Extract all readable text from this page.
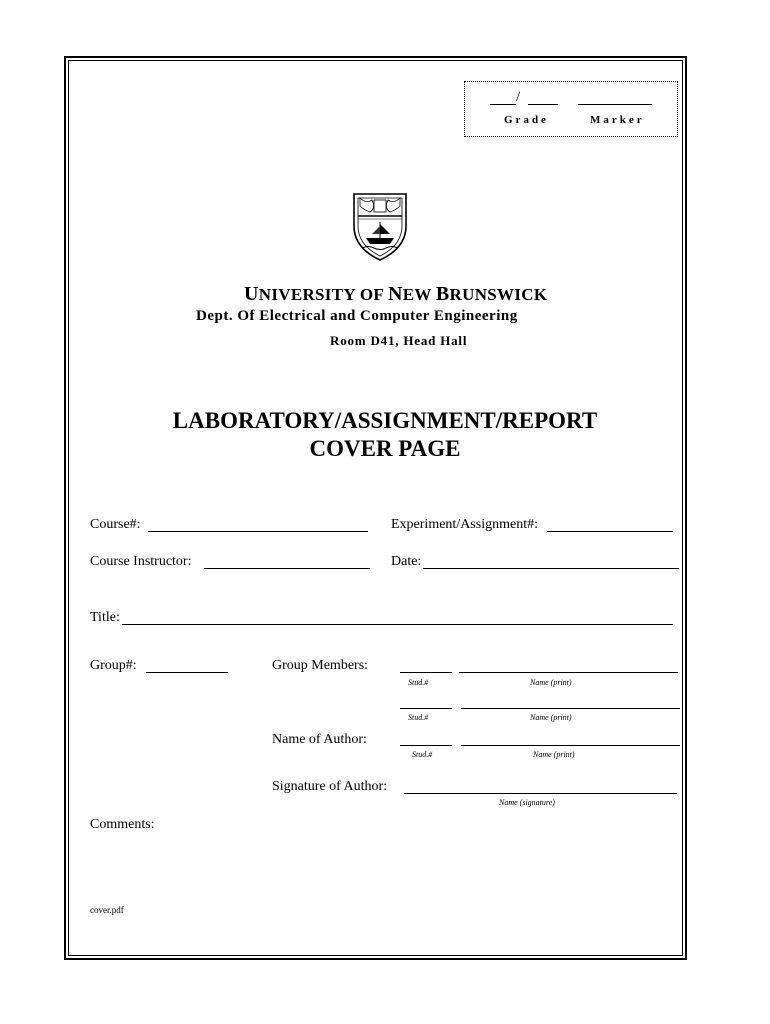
/
Grade	Marker
UNIVERSITY OF NEW BRUNSWICK
Dept. Of Electrical and Computer Engineering
Room D41, Head Hall
LABORATORY/ASSIGNMENT/REPORT
COVER PAGE
Course#:	Experiment/Assignment#:
Course Instructor:	Date:
Title:
Group#:	Group Members:
Stud.#	Name (print)
Stud.#	Name (print)
Name of Author:
Stud.#	Name (print)
Signature of Author:
Name (signature)
Comments:
cover.pdf
